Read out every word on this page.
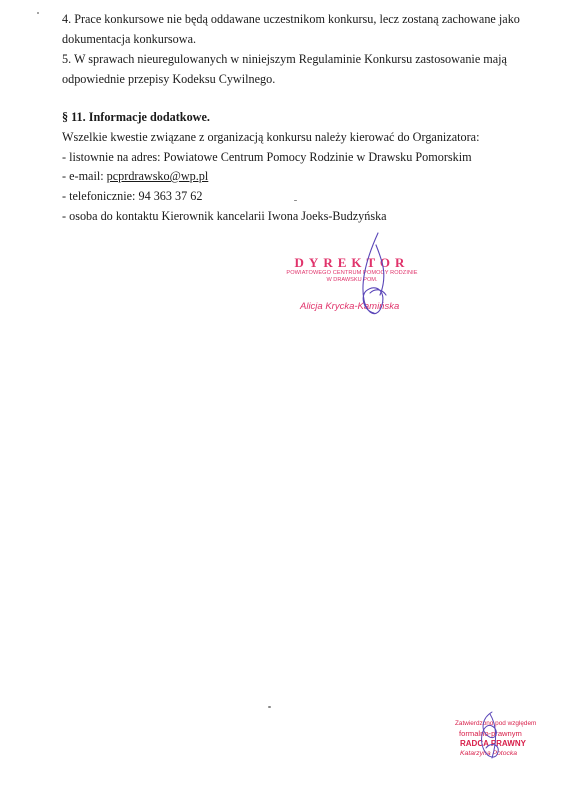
4. Prace konkursowe nie będą oddawane uczestnikom konkursu, lecz zostaną zachowane jako
dokumentacja konkursowa.
5. W sprawach nieuregulowanych w niniejszym Regulaminie Konkursu zastosowanie mają
odpowiednie przepisy Kodeksu Cywilnego.
§ 11. Informacje dodatkowe.
Wszelkie kwestie związane z organizacją konkursu należy kierować do Organizatora:
- listownie na adres: Powiatowe Centrum Pomocy Rodzinie w Drawsku Pomorskim
- e-mail: pcprdrawsko@wp.pl
- telefonicznie: 94 363 37 62
- osoba do kontaktu Kierownik kancelarii Iwona Joeks-Budzyńska
DYREKTOR
POWIATOWEGO CENTRUM POMOCY RODZINIE
W DRAWSKU POM.
Alicja Krycka-Kamińska
Zatwierdzono pod względem
formalno-prawnym
RADCA PRAWNY
Katarzyna Potocka
